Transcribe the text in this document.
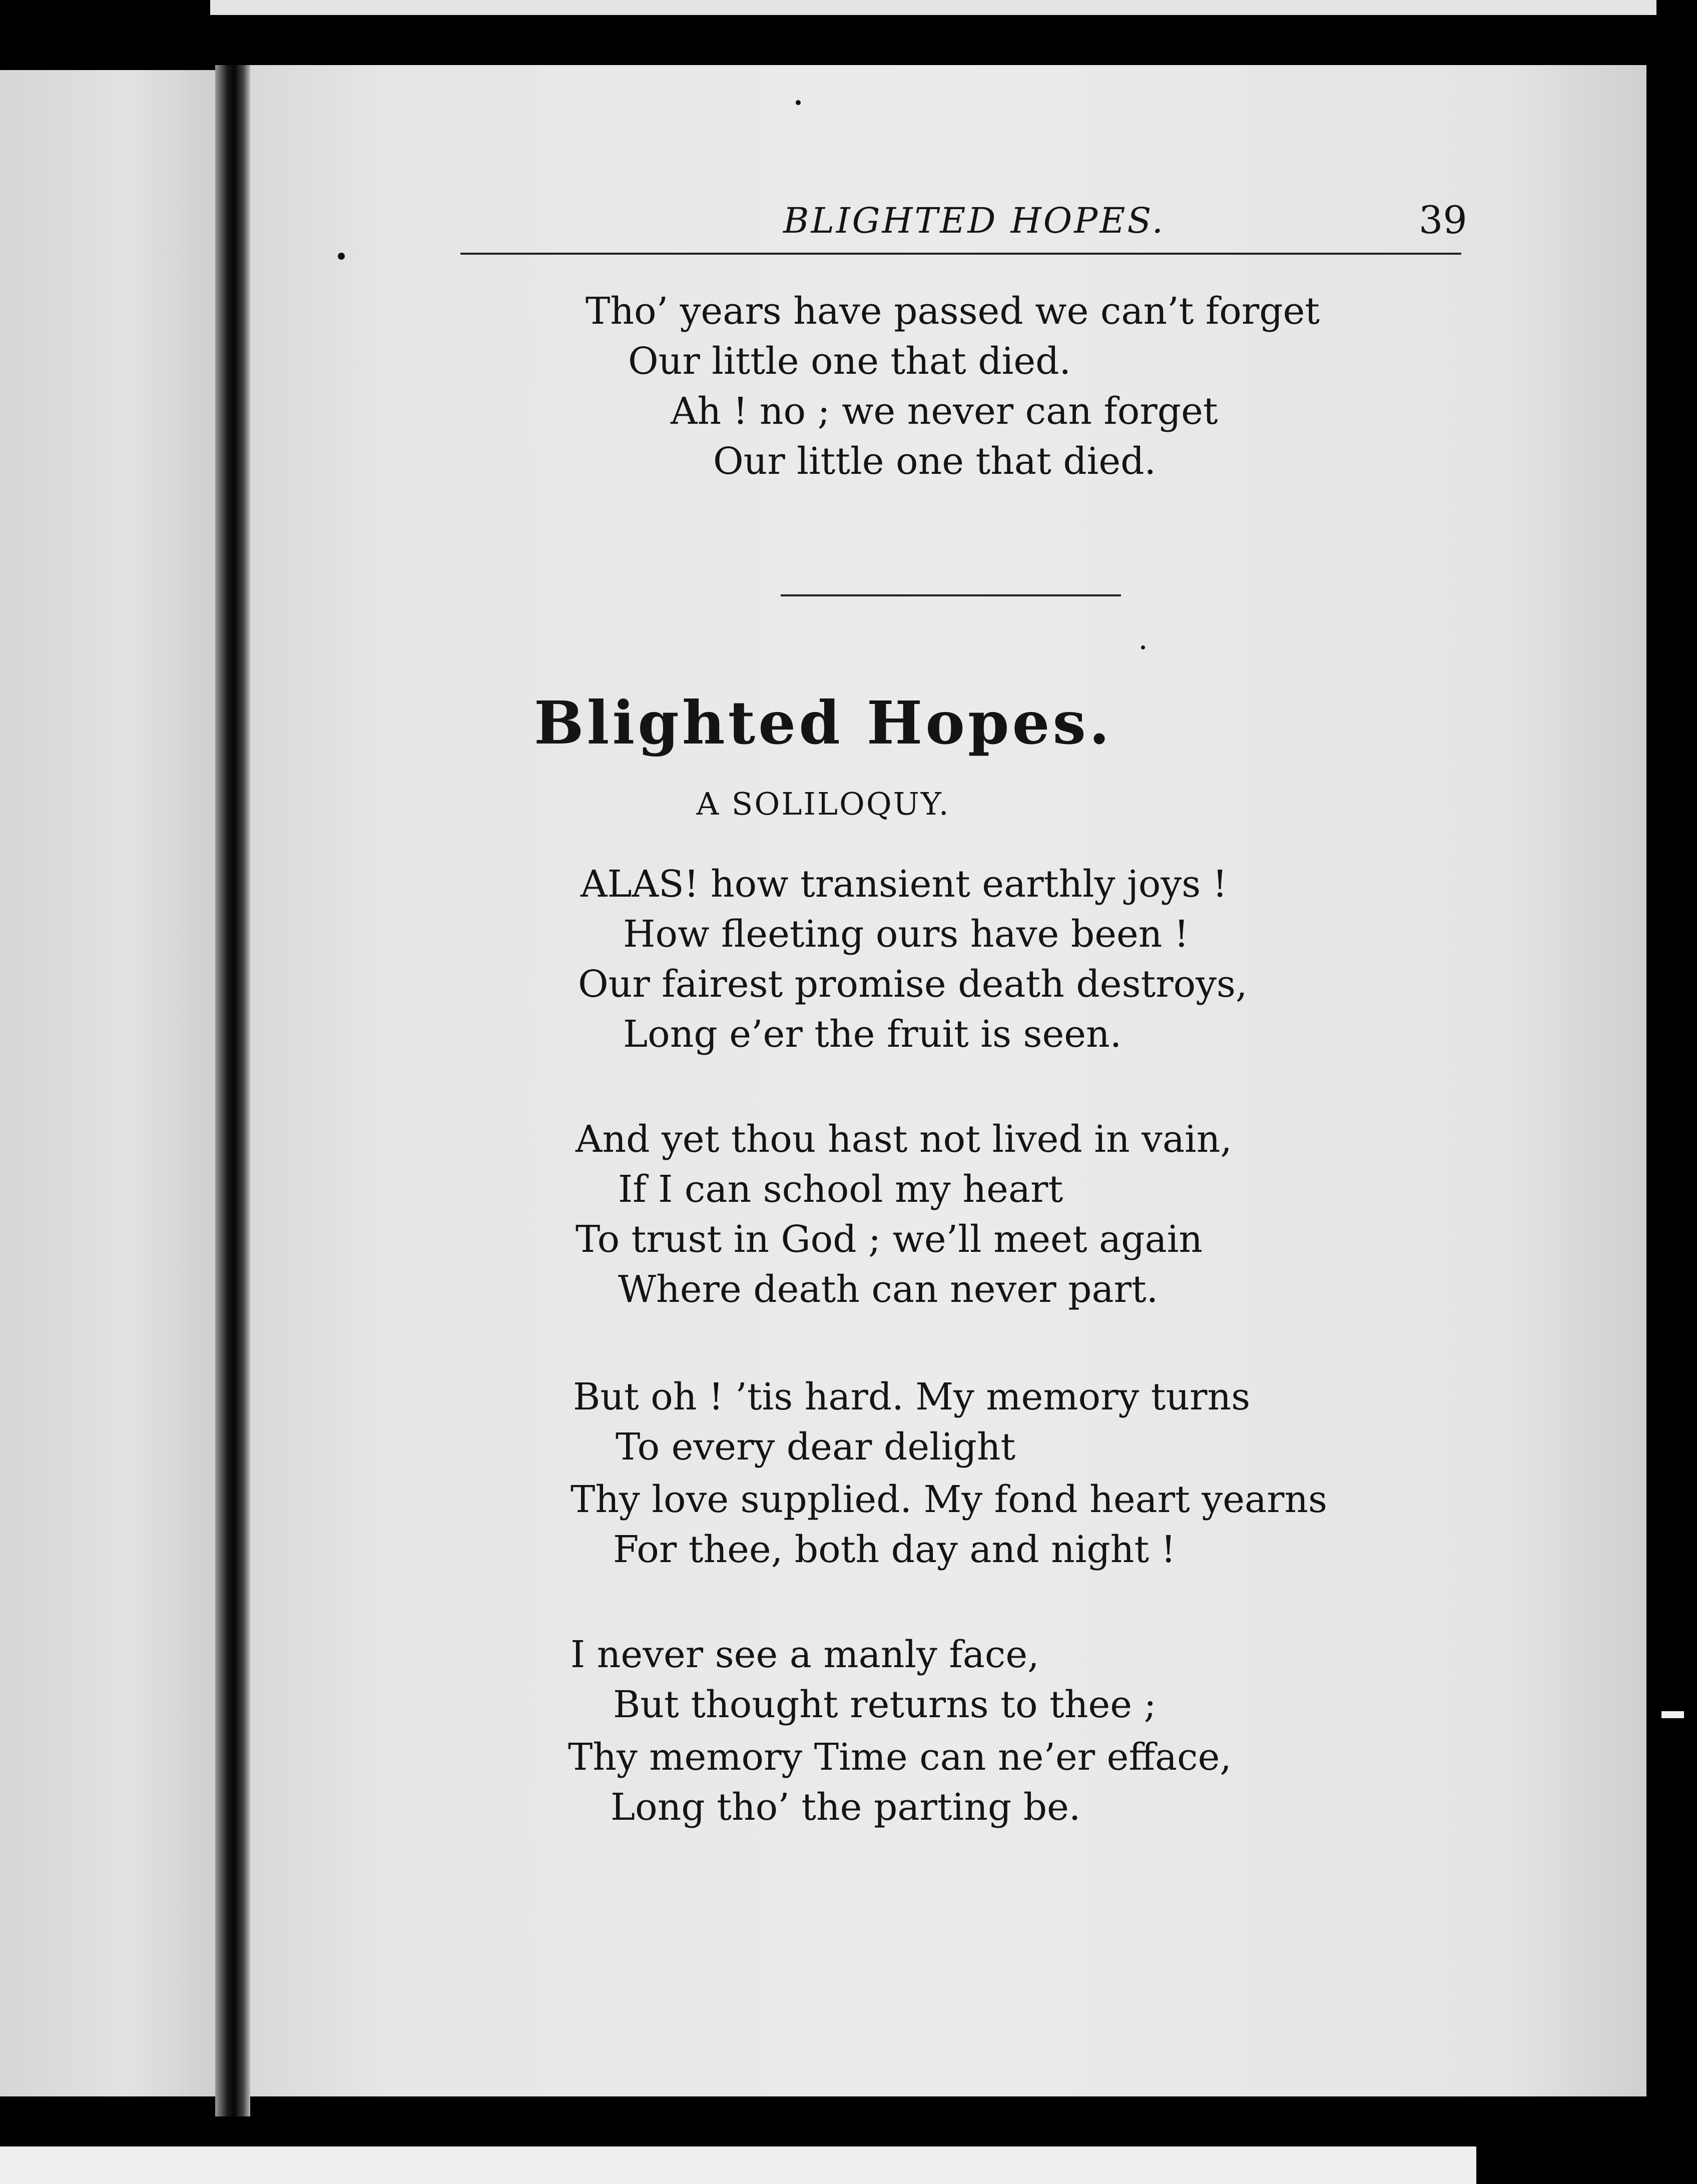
BLIGHTED HOPES.	39
Tho’ years have passed we can’t forget
Our little one that died.
Ah ! no ; we never can forget
Our little one that died.
Blighted Hopes.
A SOLILOQUY.
ALAS! how transient earthly joys !
How fleeting ours have been !
Our fairest promise death destroys,
Long e’er the fruit is seen.
And yet thou hast not lived in vain,
If I can school my heart
To trust in God ; we’ll meet again
Where death can never part.
But oh ! ’tis hard. My memory turns
To every dear delight
Thy love supplied. My fond heart yearns
For thee, both day and night !
I never see a manly face,
But thought returns to thee ;
Thy memory Time can ne’er efface,
Long tho’ the parting be.
